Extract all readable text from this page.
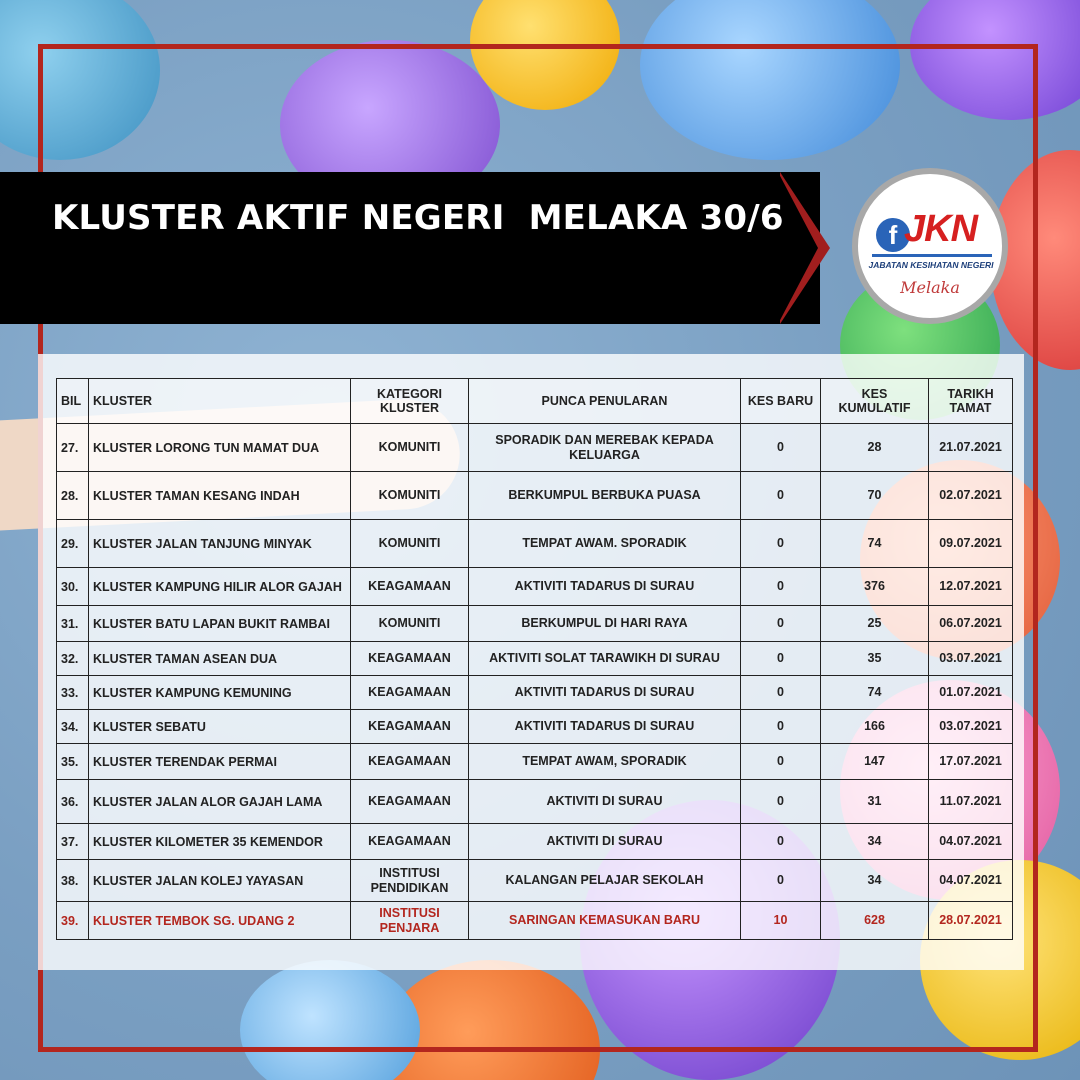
KLUSTER AKTIF NEGERI  MELAKA 30/6	f JKN
JABATAN KESIHATAN NEGERI
Melaka
BIL	KLUSTER	KATEGORI KLUSTER	PUNCA PENULARAN	KES BARU	KES KUMULATIF	TARIKH TAMAT
27.	KLUSTER LORONG TUN MAMAT DUA	KOMUNITI	SPORADIK DAN MEREBAK KEPADA KELUARGA	0	28	21.07.2021
28.	KLUSTER TAMAN KESANG INDAH	KOMUNITI	BERKUMPUL BERBUKA PUASA	0	70	02.07.2021
29.	KLUSTER JALAN TANJUNG MINYAK	KOMUNITI	TEMPAT AWAM. SPORADIK	0	74	09.07.2021
30.	KLUSTER KAMPUNG HILIR ALOR GAJAH	KEAGAMAAN	AKTIVITI TADARUS DI SURAU	0	376	12.07.2021
31.	KLUSTER BATU LAPAN BUKIT RAMBAI	KOMUNITI	BERKUMPUL DI HARI RAYA	0	25	06.07.2021
32.	KLUSTER TAMAN ASEAN DUA	KEAGAMAAN	AKTIVITI SOLAT TARAWIKH DI SURAU	0	35	03.07.2021
33.	KLUSTER KAMPUNG KEMUNING	KEAGAMAAN	AKTIVITI TADARUS DI SURAU	0	74	01.07.2021
34.	KLUSTER SEBATU	KEAGAMAAN	AKTIVITI TADARUS DI SURAU	0	166	03.07.2021
35.	KLUSTER TERENDAK PERMAI	KEAGAMAAN	TEMPAT AWAM, SPORADIK	0	147	17.07.2021
36.	KLUSTER JALAN ALOR GAJAH LAMA	KEAGAMAAN	AKTIVITI DI SURAU	0	31	11.07.2021
37.	KLUSTER KILOMETER 35 KEMENDOR	KEAGAMAAN	AKTIVITI DI SURAU	0	34	04.07.2021
38.	KLUSTER JALAN KOLEJ YAYASAN	INSTITUSI PENDIDIKAN	KALANGAN PELAJAR SEKOLAH	0	34	04.07.2021
39.	KLUSTER TEMBOK SG. UDANG 2	INSTITUSI PENJARA	SARINGAN KEMASUKAN BARU	10	628	28.07.2021
